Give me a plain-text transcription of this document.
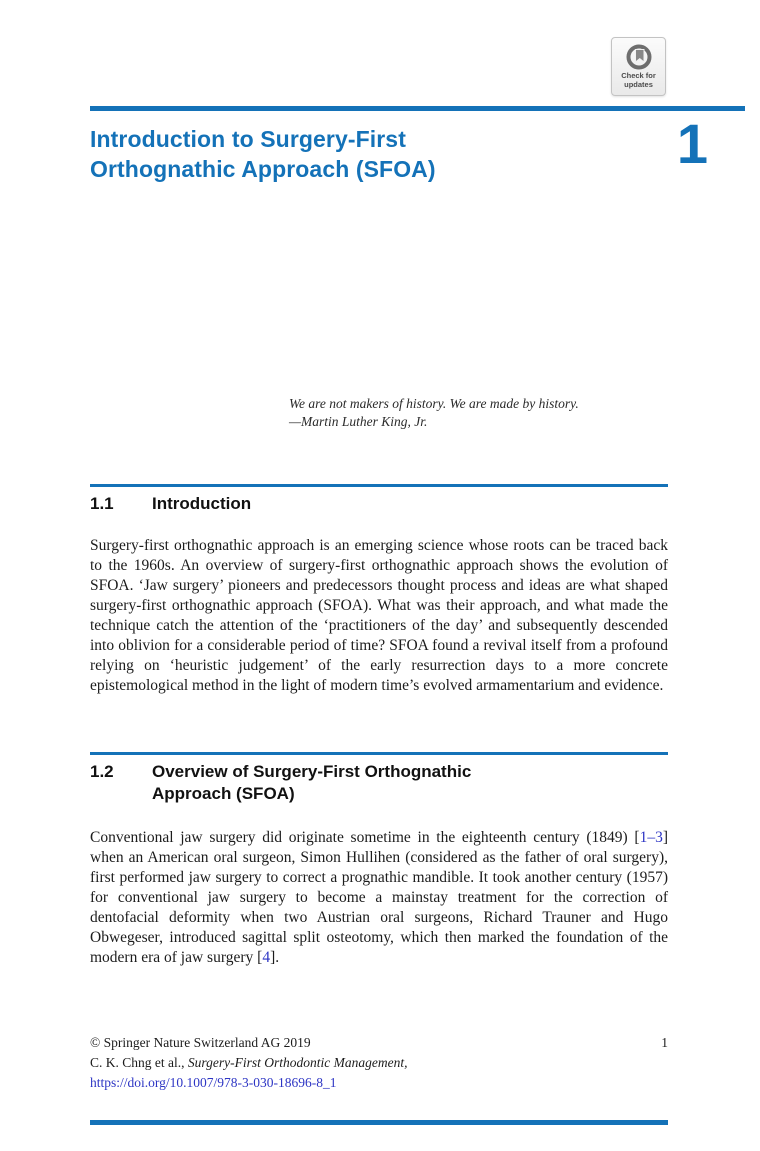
Check for
updates
Introduction to Surgery-First
Orthognathic Approach (SFOA)	1
We are not makers of history. We are made by history.
—Martin Luther King, Jr.
1.1	Introduction

Surgery-first orthognathic approach is an emerging science whose roots can be traced back to the 1960s. An overview of surgery-first orthognathic approach shows the evolution of SFOA. ‘Jaw surgery’ pioneers and predecessors thought process and ideas are what shaped surgery-first orthognathic approach (SFOA). What was their approach, and what made the technique catch the attention of the ‘practitioners of the day’ and subsequently descended into oblivion for a considerable period of time? SFOA found a revival itself from a profound relying on ‘heuristic judgement’ of the early resurrection days to a more concrete epistemological method in the light of modern time’s evolved armamentarium and evidence.

1.2	Overview of Surgery-First Orthognathic
Approach (SFOA)

Conventional jaw surgery did originate sometime in the eighteenth century (1849) [1–3] when an American oral surgeon, Simon Hullihen (considered as the father of oral surgery), first performed jaw surgery to correct a prognathic mandible. It took another century (1957) for conventional jaw surgery to become a mainstay treatment for the correction of dentofacial deformity when two Austrian oral surgeons, Richard Trauner and Hugo Obwegeser, introduced sagittal split osteotomy, which then marked the foundation of the modern era of jaw surgery [4].

© Springer Nature Switzerland AG 2019
C. K. Chng et al., Surgery-First Orthodontic Management,
https://doi.org/10.1007/978-3-030-18696-8_1
1
